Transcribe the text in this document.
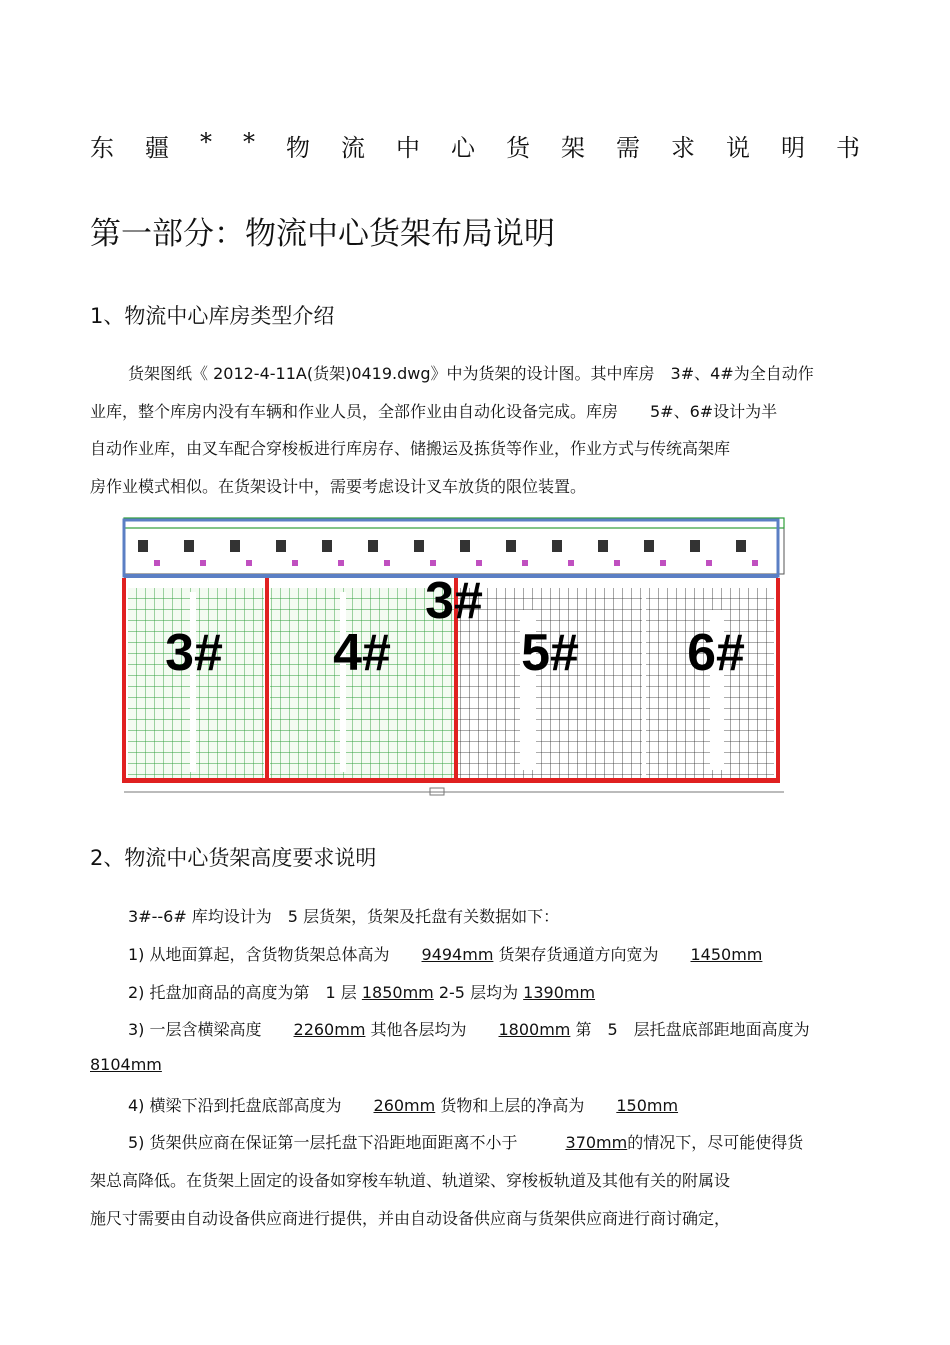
东 疆 * * 物 流 中 心 货 架 需 求 说 明 书
第一部分：物流中心货架布局说明
1、物流中心库房类型介绍
货架图纸《 2012-4-11A(货架)0419.dwg》中为货架的设计图。其中库房　3#、4#为全自动作
业库，整个库房内没有车辆和作业人员，全部作业由自动化设备完成。库房　　5#、6#设计为半
自动作业库，由叉车配合穿梭板进行库房存、储搬运及拣货等作业，作业方式与传统高架库
房作业模式相似。在货架设计中，需要考虑设计叉车放货的限位装置。
3# 4#	5# 6#
3#
2、物流中心货架高度要求说明
3#--6# 库均设计为　5 层货架，货架及托盘有关数据如下：
1) 从地面算起，含货物货架总体高为　　9494mm 货架存货通道方向宽为　　1450mm
2) 托盘加商品的高度为第　1 层 1850mm 2-5 层均为 1390mm
3) 一层含横梁高度　　2260mm 其他各层均为　　1800mm 第　5　层托盘底部距地面高度为
8104mm
4) 横梁下沿到托盘底部高度为　　260mm 货物和上层的净高为　　150mm
5) 货架供应商在保证第一层托盘下沿距地面距离不小于　　　370mm的情况下，尽可能使得货
架总高降低。在货架上固定的设备如穿梭车轨道、轨道梁、穿梭板轨道及其他有关的附属设
施尺寸需要由自动设备供应商进行提供，并由自动设备供应商与货架供应商进行商讨确定，
